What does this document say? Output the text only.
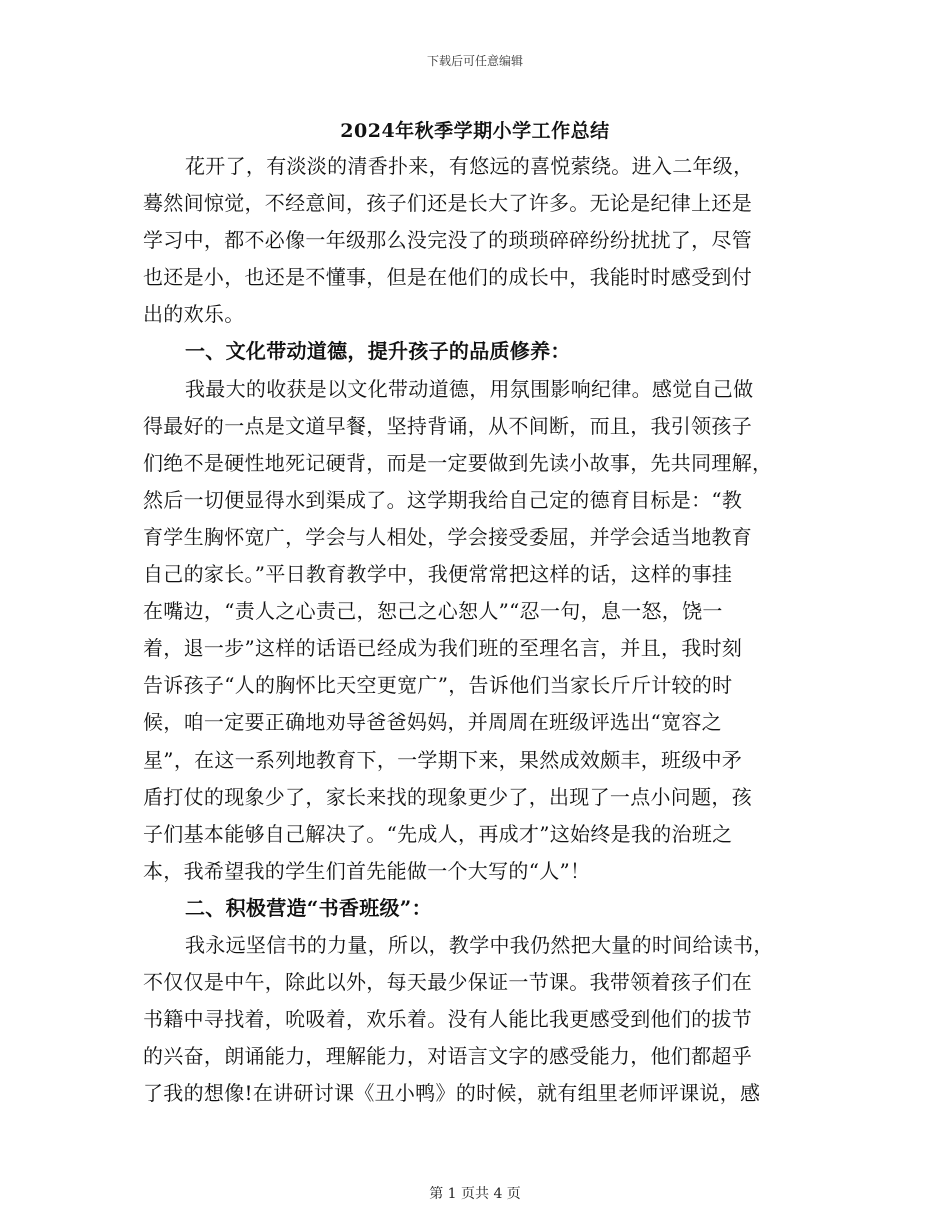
下载后可任意编辑
2024年秋季学期小学工作总结
花开了，有淡淡的清香扑来，有悠远的喜悦萦绕。进入二年级，
蓦然间惊觉，不经意间，孩子们还是长大了许多。无论是纪律上还是
学习中，都不必像一年级那么没完没了的琐琐碎碎纷纷扰扰了，尽管
也还是小，也还是不懂事，但是在他们的成长中，我能时时感受到付
出的欢乐。
一、文化带动道德，提升孩子的品质修养：
我最大的收获是以文化带动道德，用氛围影响纪律。感觉自己做
得最好的一点是文道早餐，坚持背诵，从不间断，而且，我引领孩子
们绝不是硬性地死记硬背，而是一定要做到先读小故事，先共同理解，
然后一切便显得水到渠成了。这学期我给自己定的德育目标是：“教
育学生胸怀宽广，学会与人相处，学会接受委屈，并学会适当地教育
自己的家长。”平日教育教学中，我便常常把这样的话，这样的事挂
在嘴边，“责人之心责己，恕己之心恕人”“忍一句，息一怒，饶一
着，退一步”这样的话语已经成为我们班的至理名言，并且，我时刻
告诉孩子“人的胸怀比天空更宽广”，告诉他们当家长斤斤计较的时
候，咱一定要正确地劝导爸爸妈妈，并周周在班级评选出“宽容之
星”，在这一系列地教育下，一学期下来，果然成效颇丰，班级中矛
盾打仗的现象少了，家长来找的现象更少了，出现了一点小问题，孩
子们基本能够自己解决了。“先成人，再成才”这始终是我的治班之
本，我希望我的学生们首先能做一个大写的“人”！
二、积极营造“书香班级”：
我永远坚信书的力量，所以，教学中我仍然把大量的时间给读书，
不仅仅是中午，除此以外，每天最少保证一节课。我带领着孩子们在
书籍中寻找着，吮吸着，欢乐着。没有人能比我更感受到他们的拔节
的兴奋，朗诵能力，理解能力，对语言文字的感受能力，他们都超乎
了我的想像!在讲研讨课《丑小鸭》的时候，就有组里老师评课说，感
第 1 页共 4 页
